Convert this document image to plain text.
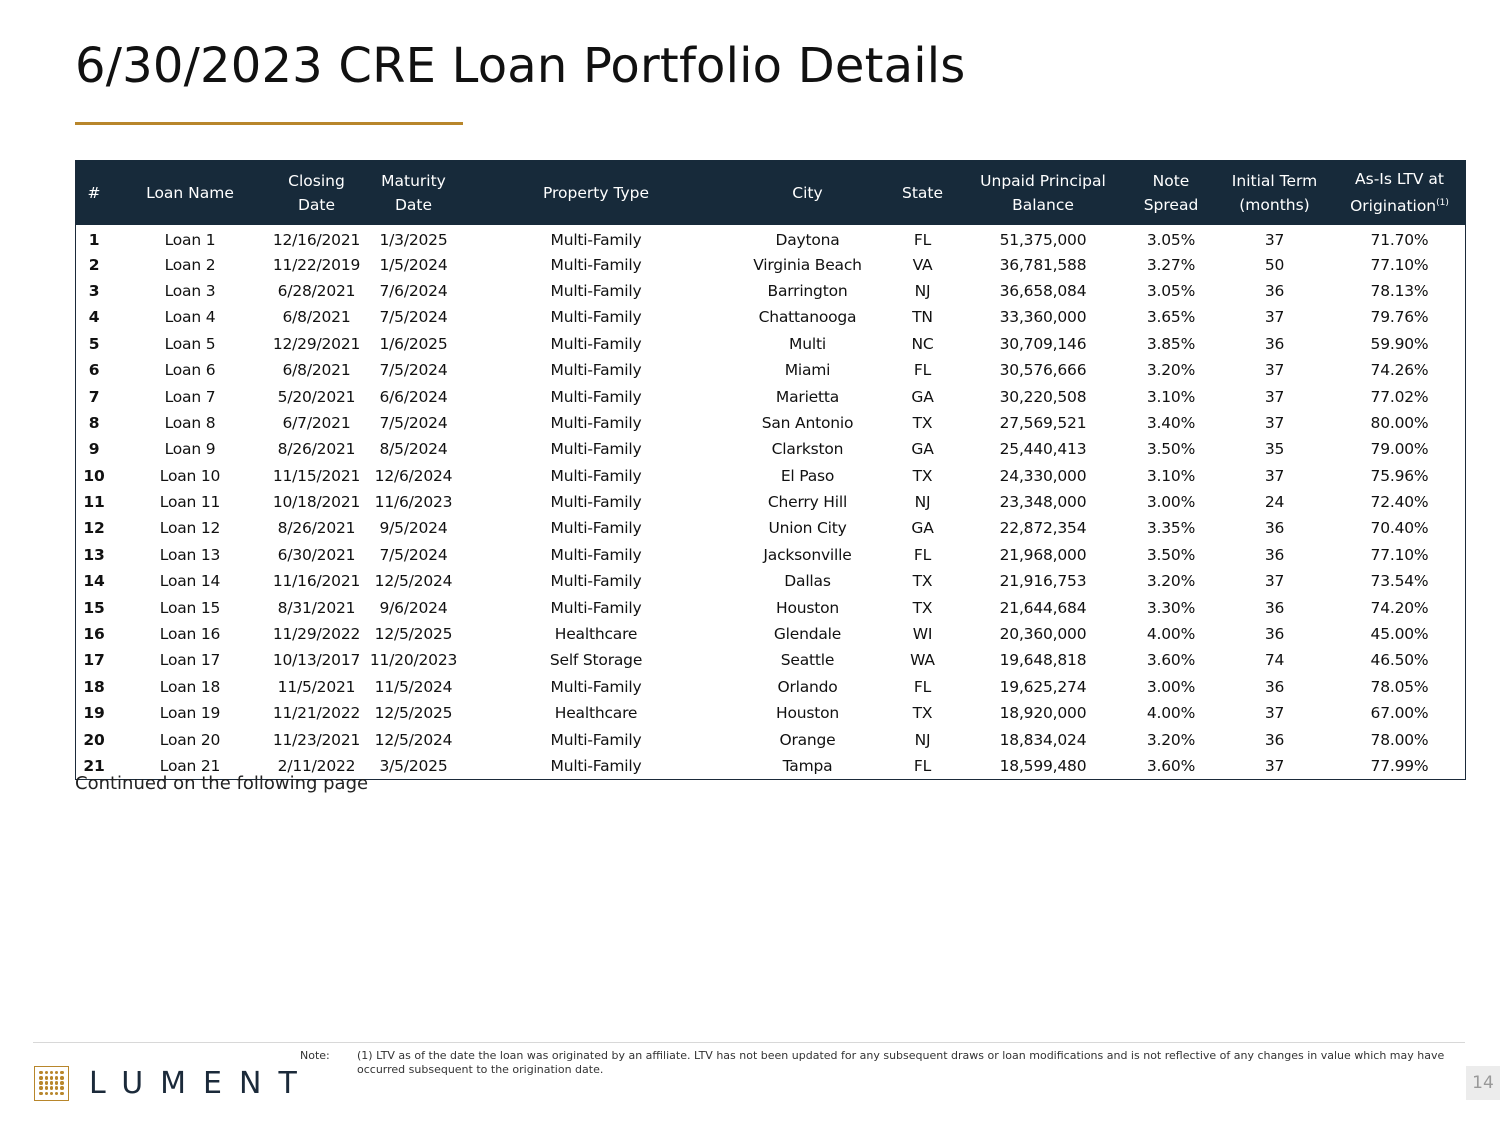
6/30/2023 CRE Loan Portfolio Details
#	Loan Name	Closing
Date	Maturity
Date	Property Type	City	State	Unpaid Principal
Balance	Note
Spread	Initial Term
(months)	As-Is LTV at
Origination$^{(1)}$
1	Loan 1	12/16/2021	1/3/2025	Multi-Family	Daytona	FL	51,375,000	3.05%	37	71.70%
2	Loan 2	11/22/2019	1/5/2024	Multi-Family	Virginia Beach	VA	36,781,588	3.27%	50	77.10%
3	Loan 3	6/28/2021	7/6/2024	Multi-Family	Barrington	NJ	36,658,084	3.05%	36	78.13%
4	Loan 4	6/8/2021	7/5/2024	Multi-Family	Chattanooga	TN	33,360,000	3.65%	37	79.76%
5	Loan 5	12/29/2021	1/6/2025	Multi-Family	Multi	NC	30,709,146	3.85%	36	59.90%
6	Loan 6	6/8/2021	7/5/2024	Multi-Family	Miami	FL	30,576,666	3.20%	37	74.26%
7	Loan 7	5/20/2021	6/6/2024	Multi-Family	Marietta	GA	30,220,508	3.10%	37	77.02%
8	Loan 8	6/7/2021	7/5/2024	Multi-Family	San Antonio	TX	27,569,521	3.40%	37	80.00%
9	Loan 9	8/26/2021	8/5/2024	Multi-Family	Clarkston	GA	25,440,413	3.50%	35	79.00%
10	Loan 10	11/15/2021	12/6/2024	Multi-Family	El Paso	TX	24,330,000	3.10%	37	75.96%
11	Loan 11	10/18/2021	11/6/2023	Multi-Family	Cherry Hill	NJ	23,348,000	3.00%	24	72.40%
12	Loan 12	8/26/2021	9/5/2024	Multi-Family	Union City	GA	22,872,354	3.35%	36	70.40%
13	Loan 13	6/30/2021	7/5/2024	Multi-Family	Jacksonville	FL	21,968,000	3.50%	36	77.10%
14	Loan 14	11/16/2021	12/5/2024	Multi-Family	Dallas	TX	21,916,753	3.20%	37	73.54%
15	Loan 15	8/31/2021	9/6/2024	Multi-Family	Houston	TX	21,644,684	3.30%	36	74.20%
16	Loan 16	11/29/2022	12/5/2025	Healthcare	Glendale	WI	20,360,000	4.00%	36	45.00%
17	Loan 17	10/13/2017	11/20/2023	Self Storage	Seattle	WA	19,648,818	3.60%	74	46.50%
18	Loan 18	11/5/2021	11/5/2024	Multi-Family	Orlando	FL	19,625,274	3.00%	36	78.05%
19	Loan 19	11/21/2022	12/5/2025	Healthcare	Houston	TX	18,920,000	4.00%	37	67.00%
20	Loan 20	11/23/2021	12/5/2024	Multi-Family	Orange	NJ	18,834,024	3.20%	36	78.00%
21	Loan 21	2/11/2022	3/5/2025	Multi-Family	Tampa	FL	18,599,480	3.60%	37	77.99%
Continued on the following page
LUMENT
Note: (1) LTV as of the date the loan was originated by an affiliate. LTV has not been updated for any subsequent draws or loan modifications and is not reflective of any changes in value which may have occurred subsequent to the origination date.
14
